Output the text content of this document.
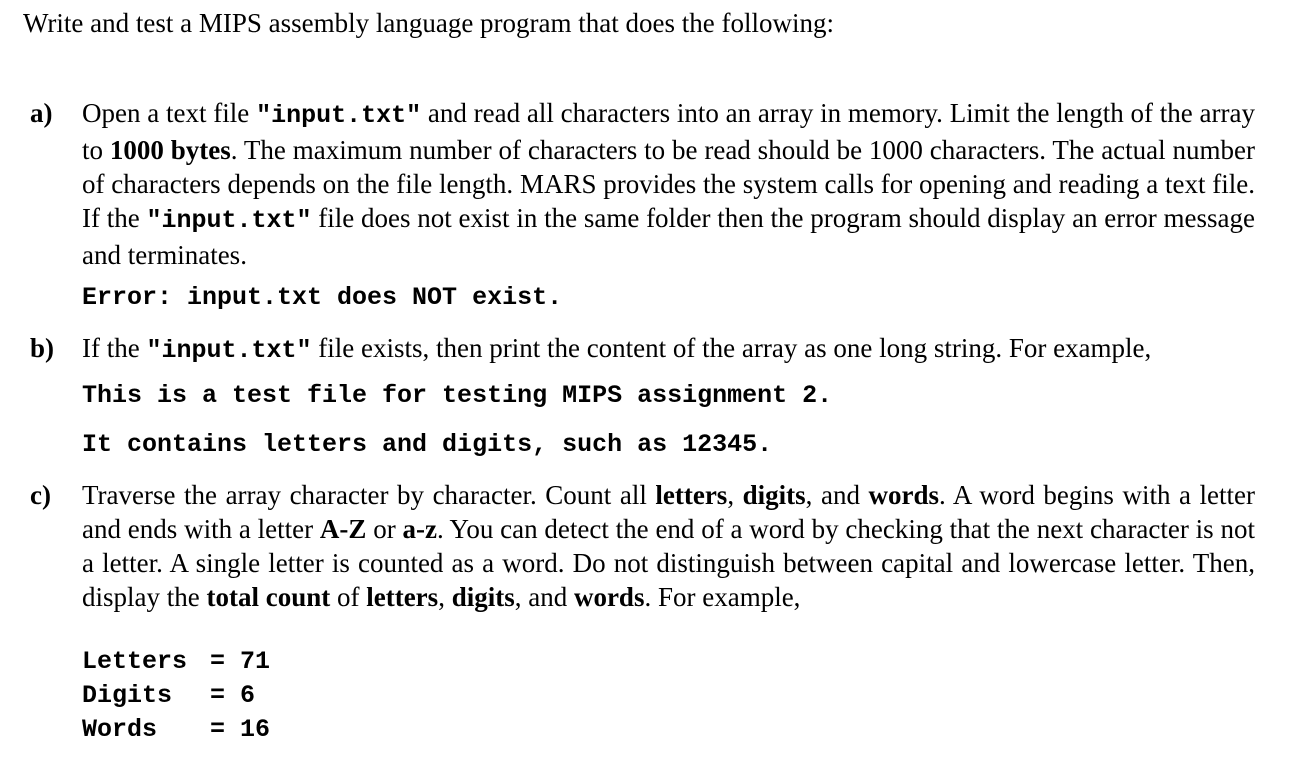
Write and test a MIPS assembly language program that does the following:
a) Open a text file "input.txt" and read all characters into an array in memory. Limit the length of the array to 1000 bytes. The maximum number of characters to be read should be 1000 characters. The actual number of characters depends on the file length. MARS provides the system calls for opening and reading a text file. If the "input.txt" file does not exist in the same folder then the program should display an error message and terminates.
Error: input.txt does NOT exist.
b) If the "input.txt" file exists, then print the content of the array as one long string. For example,
This is a test file for testing MIPS assignment 2.
It contains letters and digits, such as 12345.
c) Traverse the array character by character. Count all letters, digits, and words. A word begins with a letter and ends with a letter A-Z or a-z. You can detect the end of a word by checking that the next character is not a letter. A single letter is counted as a word. Do not distinguish between capital and lowercase letter. Then, display the total count of letters, digits, and words. For example,
Letters = 71
Digits = 6
Words = 16
